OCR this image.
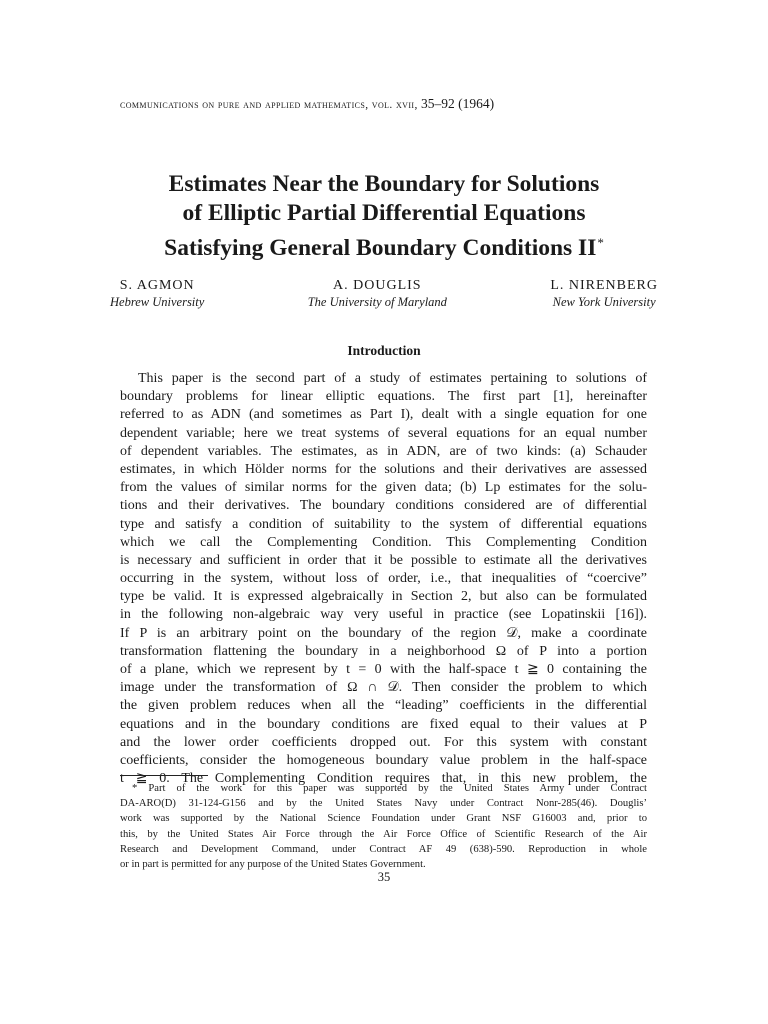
communications on pure and applied mathematics, vol. xvii, 35–92 (1964)
Estimates Near the Boundary for Solutions
of Elliptic Partial Differential Equations
Satisfying General Boundary Conditions II*
S. AGMON
Hebrew University
A. DOUGLIS
The University of Maryland
L. NIRENBERG
New York University
Introduction
This paper is the second part of a study of estimates pertaining to solutions of
boundary problems for linear elliptic equations. The first part [1], hereinafter
referred to as ADN (and sometimes as Part I), dealt with a single equation for one
dependent variable; here we treat systems of several equations for an equal number
of dependent variables. The estimates, as in ADN, are of two kinds: (a) Schauder
estimates, in which Hölder norms for the solutions and their derivatives are assessed
from the values of similar norms for the given data; (b) Lp estimates for the solu-
tions and their derivatives. The boundary conditions considered are of differential
type and satisfy a condition of suitability to the system of differential equations
which we call the Complementing Condition. This Complementing Condition
is necessary and sufficient in order that it be possible to estimate all the derivatives
occurring in the system, without loss of order, i.e., that inequalities of “coercive”
type be valid. It is expressed algebraically in Section 2, but also can be formulated
in the following non-algebraic way very useful in practice (see Lopatinskii [16]).
If P is an arbitrary point on the boundary of the region 𝒟, make a coordinate
transformation flattening the boundary in a neighborhood Ω of P into a portion
of a plane, which we represent by t = 0 with the half-space t ≧ 0 containing the
image under the transformation of Ω ∩ 𝒟. Then consider the problem to which
the given problem reduces when all the “leading” coefficients in the differential
equations and in the boundary conditions are fixed equal to their values at P
and the lower order coefficients dropped out. For this system with constant
coefficients, consider the homogeneous boundary value problem in the half-space
t ≧ 0. The Complementing Condition requires that, in this new problem, the
* Part of the work for this paper was supported by the United States Army under Contract
DA-ARO(D) 31-124-G156 and by the United States Navy under Contract Nonr-285(46). Douglis’
work was supported by the National Science Foundation under Grant NSF G16003 and, prior to
this, by the United States Air Force through the Air Force Office of Scientific Research of the Air
Research and Development Command, under Contract AF 49 (638)-590. Reproduction in whole
or in part is permitted for any purpose of the United States Government.
35
